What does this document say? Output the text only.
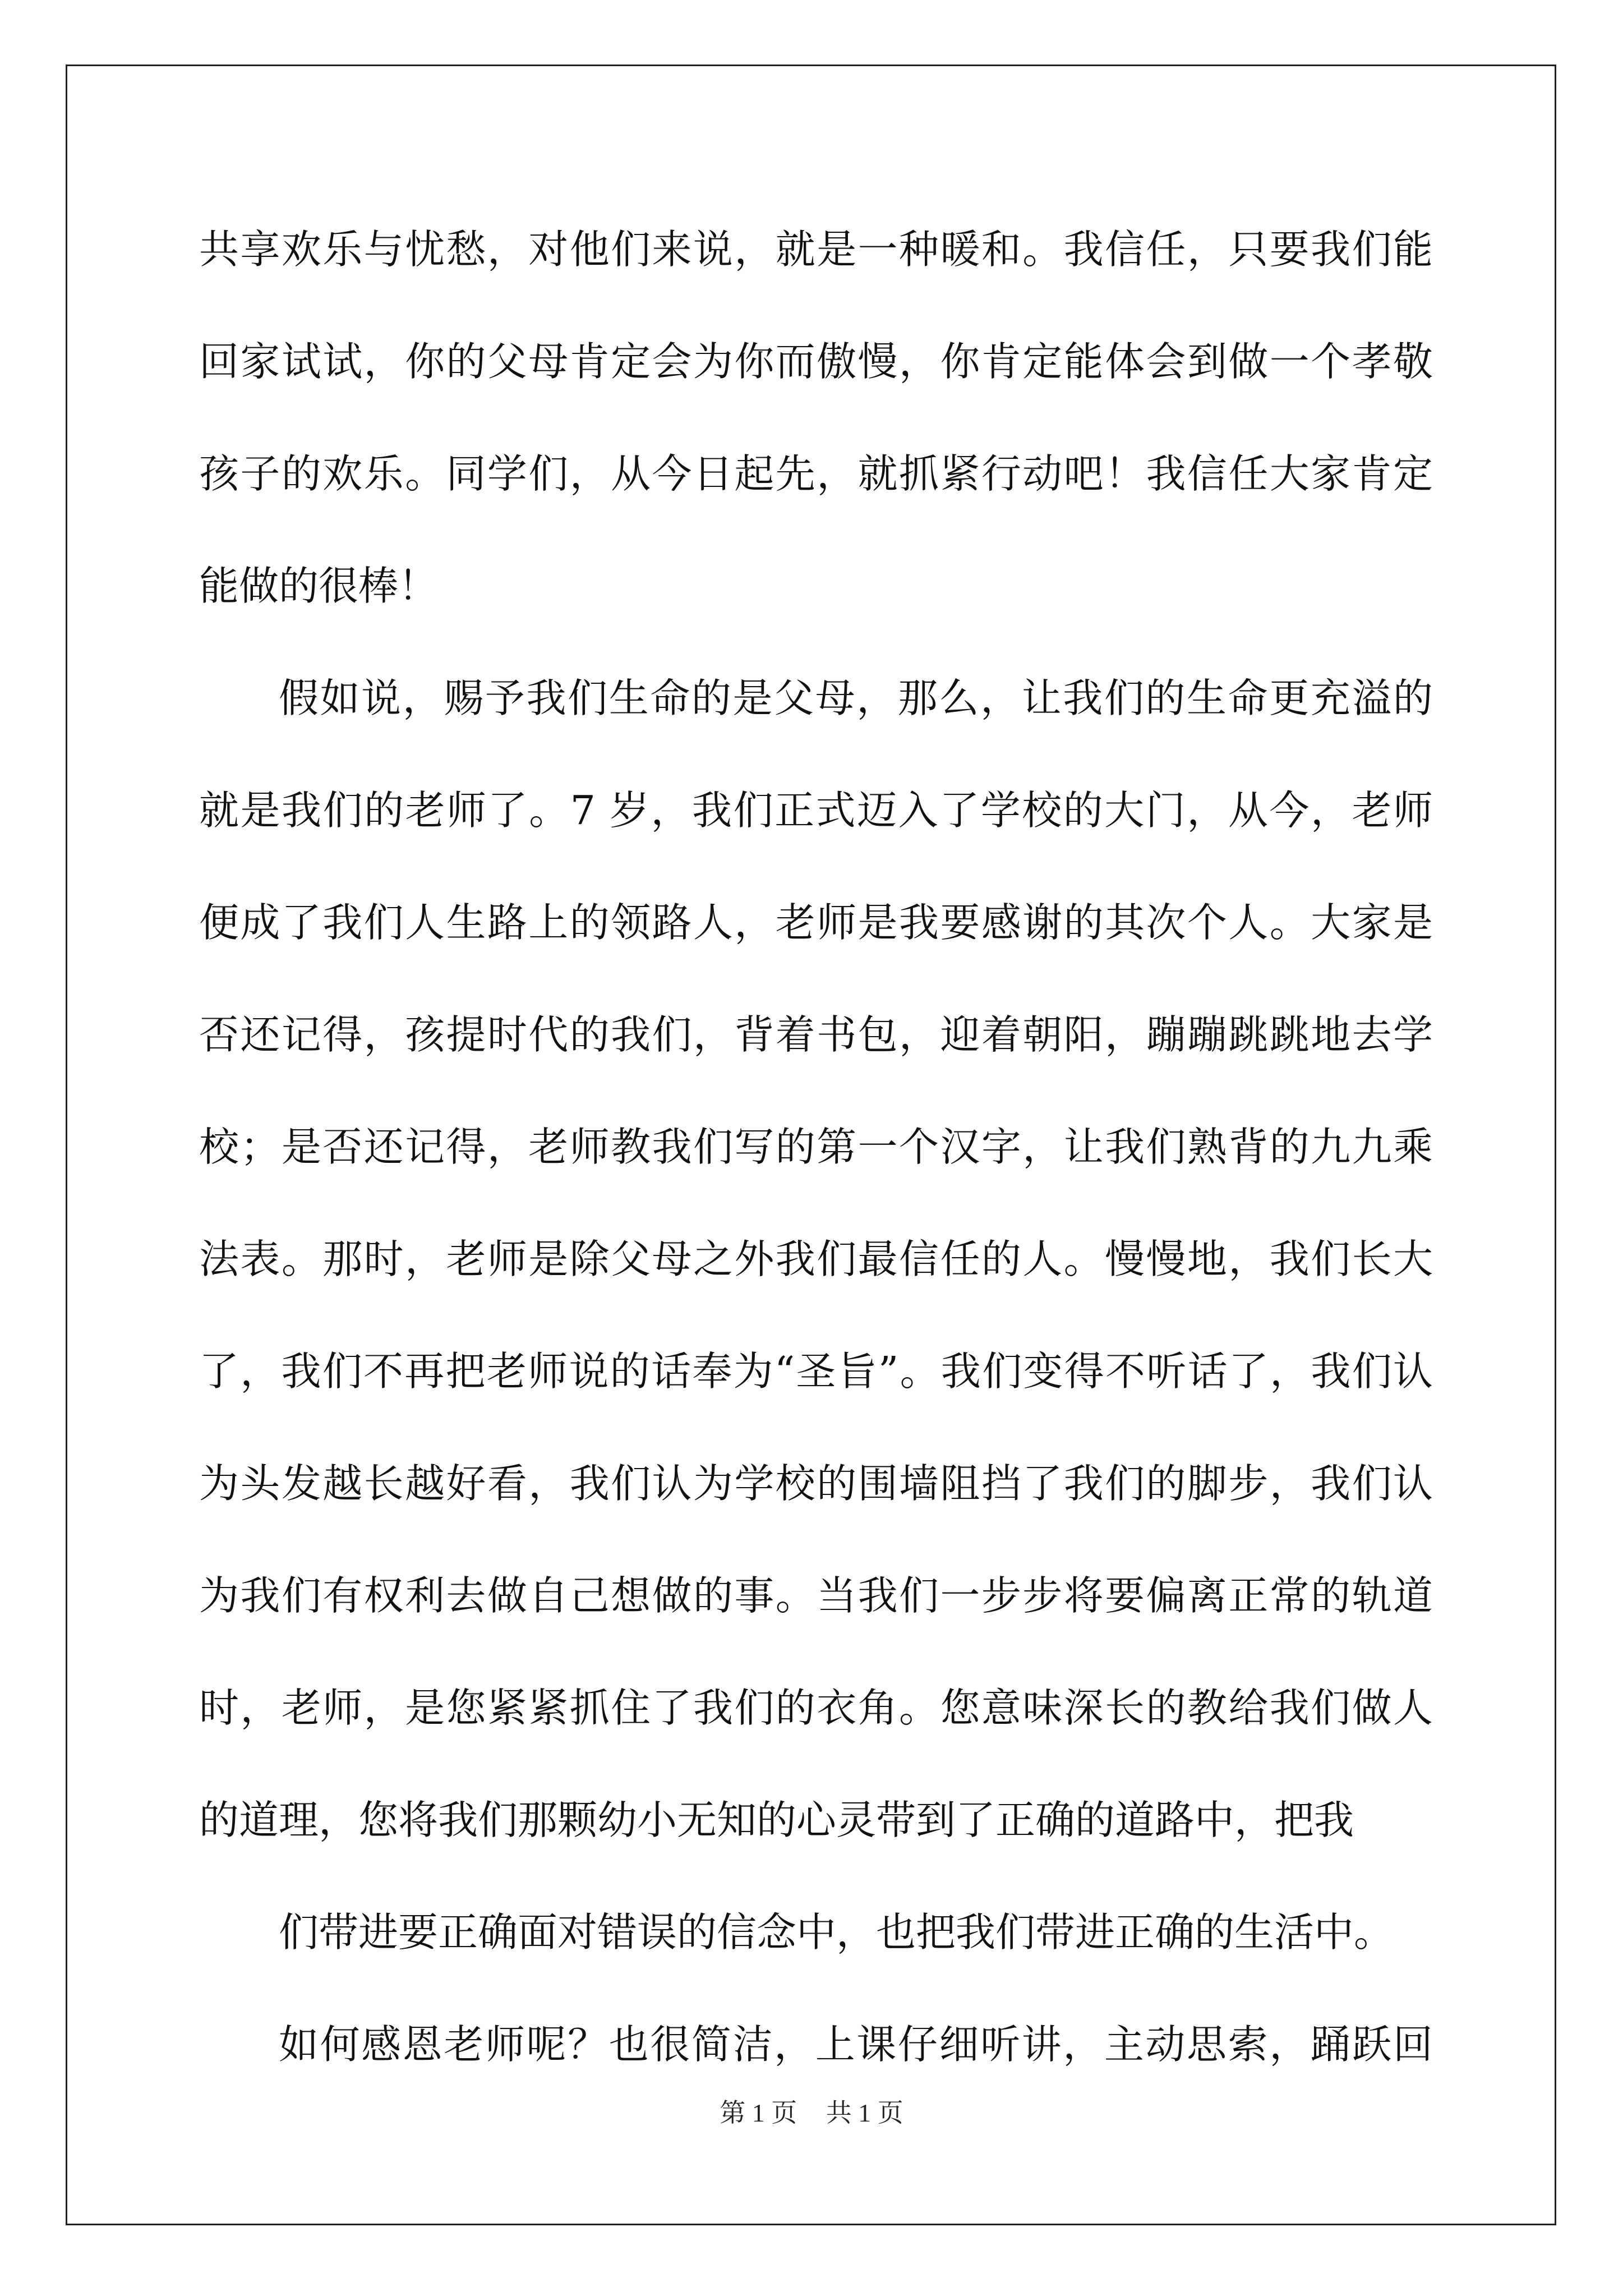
共享欢乐与忧愁，对他们来说，就是一种暖和。我信任，只要我们能
回家试试，你的父母肯定会为你而傲慢，你肯定能体会到做一个孝敬
孩子的欢乐。同学们，从今日起先，就抓紧行动吧！我信任大家肯定
能做的很棒！
假如说，赐予我们生命的是父母，那么，让我们的生命更充溢的
就是我们的老师了。7 岁，我们正式迈入了学校的大门，从今，老师
便成了我们人生路上的领路人，老师是我要感谢的其次个人。大家是
否还记得，孩提时代的我们，背着书包，迎着朝阳，蹦蹦跳跳地去学
校；是否还记得，老师教我们写的第一个汉字，让我们熟背的九九乘
法表。那时，老师是除父母之外我们最信任的人。慢慢地，我们长大
了，我们不再把老师说的话奉为“圣旨”。我们变得不听话了，我们认
为头发越长越好看，我们认为学校的围墙阻挡了我们的脚步，我们认
为我们有权利去做自己想做的事。当我们一步步将要偏离正常的轨道
时，老师，是您紧紧抓住了我们的衣角。您意味深长的教给我们做人
的道理，您将我们那颗幼小无知的心灵带到了正确的道路中，把我
们带进要正确面对错误的信念中，也把我们带进正确的生活中。
如何感恩老师呢？也很简洁，上课仔细听讲，主动思索，踊跃回
第 1 页 共 1 页
